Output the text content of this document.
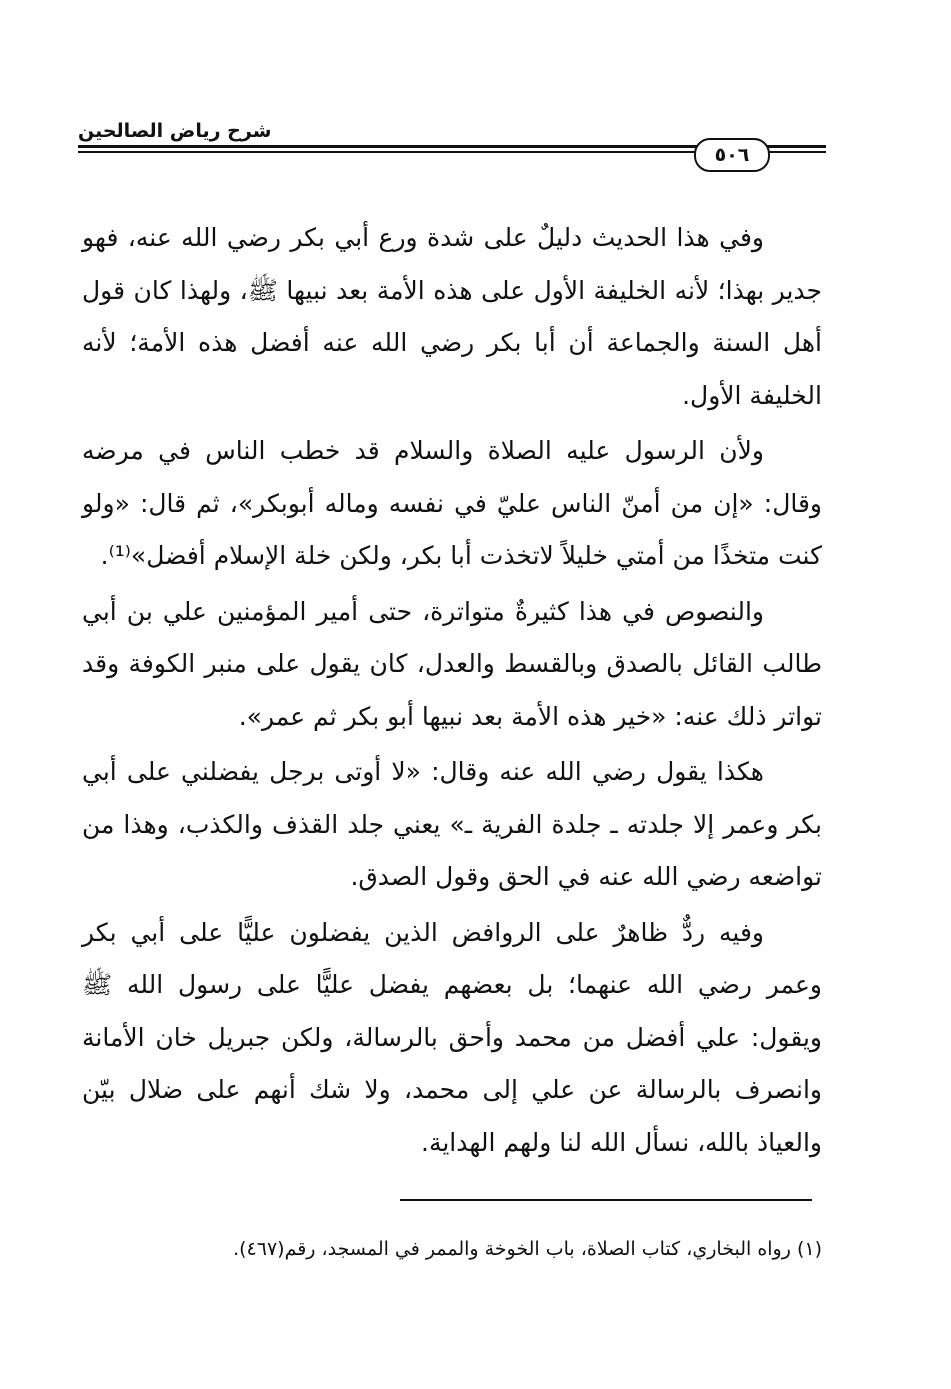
شرح رياض الصالحين
٥٠٦

وفي هذا الحديث دليلٌ على شدة ورع أبي بكر رضي الله عنه، فهو جدير بهذا؛ لأنه الخليفة الأول على هذه الأمة بعد نبيها ﷺ، ولهذا كان قول أهل السنة والجماعة أن أبا بكر رضي الله عنه أفضل هذه الأمة؛ لأنه الخليفة الأول.

ولأن الرسول عليه الصلاة والسلام قد خطب الناس في مرضه وقال: «إن من أمنّ الناس عليّ في نفسه وماله أبوبكر»، ثم قال: «ولو كنت متخذًا من أمتي خليلاً لاتخذت أبا بكر، ولكن خلة الإسلام أفضل»⁽¹⁾.

والنصوص في هذا كثيرةٌ متواترة، حتى أمير المؤمنين علي بن أبي طالب القائل بالصدق وبالقسط والعدل، كان يقول على منبر الكوفة وقد تواتر ذلك عنه: «خير هذه الأمة بعد نبيها أبو بكر ثم عمر».

هكذا يقول رضي الله عنه وقال: «لا أوتى برجل يفضلني على أبي بكر وعمر إلا جلدته ـ جلدة الفرية ـ» يعني جلد القذف والكذب، وهذا من تواضعه رضي الله عنه في الحق وقول الصدق.

وفيه ردٌّ ظاهرٌ على الروافض الذين يفضلون عليًّا على أبي بكر وعمر رضي الله عنهما؛ بل بعضهم يفضل عليًّا على رسول الله ﷺ ويقول: علي أفضل من محمد وأحق بالرسالة، ولكن جبريل خان الأمانة وانصرف بالرسالة عن علي إلى محمد، ولا شك أنهم على ضلال بيّن والعياذ بالله، نسأل الله لنا ولهم الهداية.

(١) رواه البخاري، كتاب الصلاة، باب الخوخة والممر في المسجد، رقم(٤٦٧).
